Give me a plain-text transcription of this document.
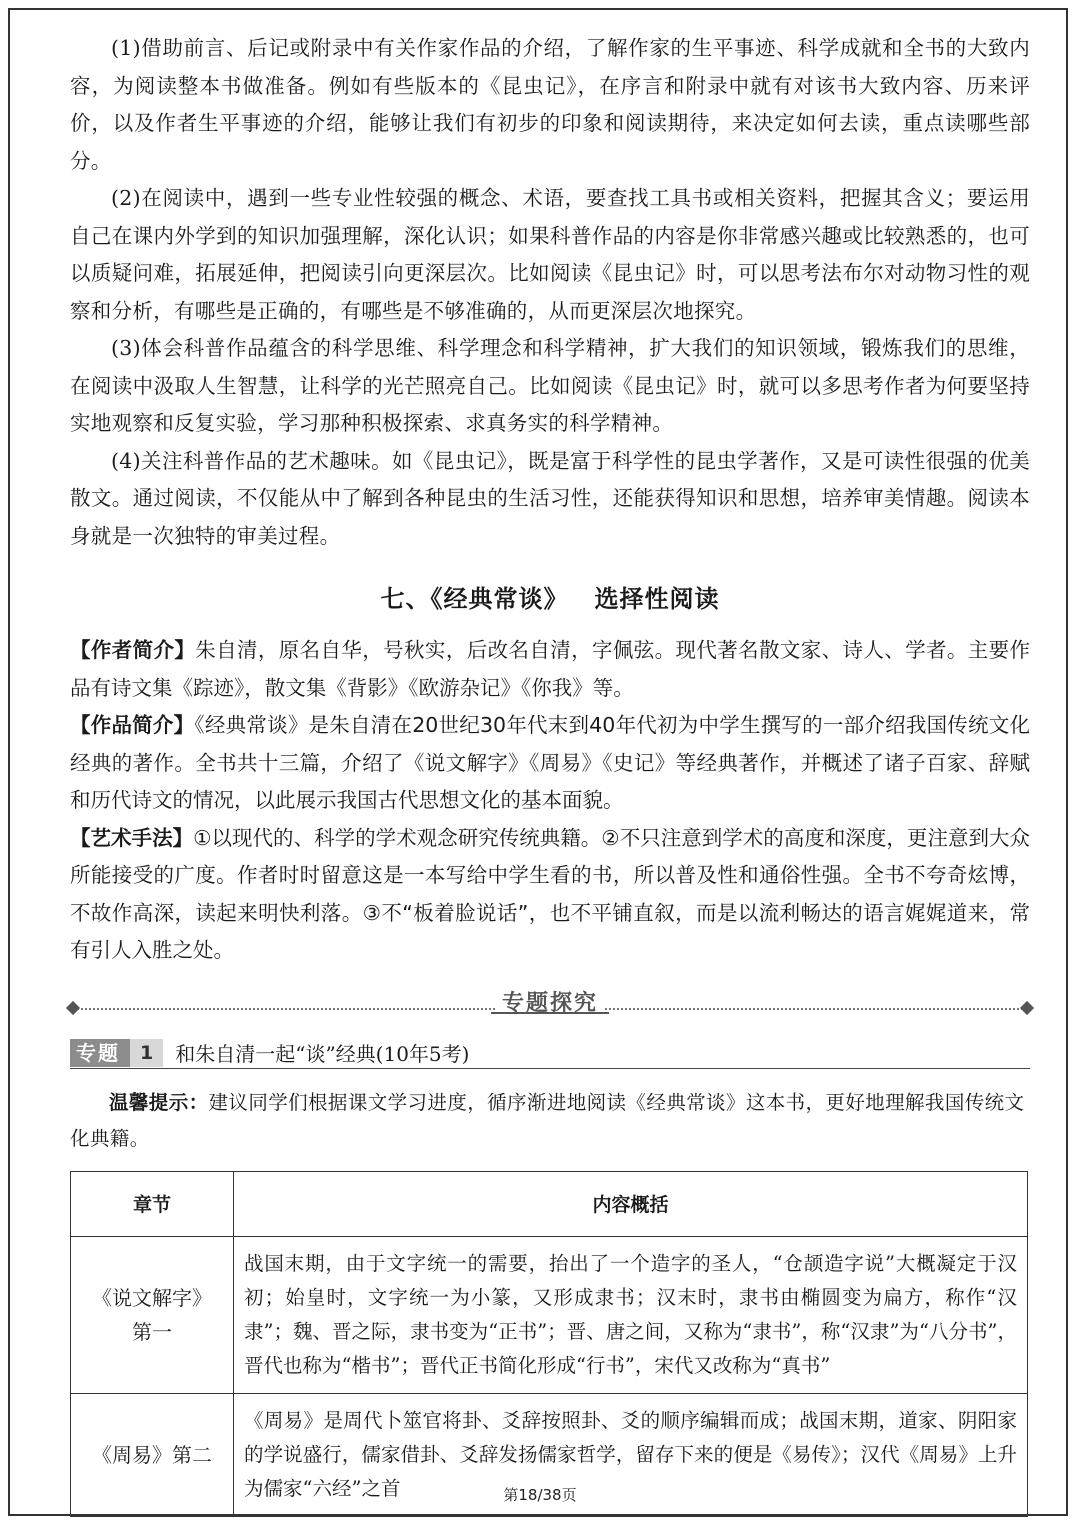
(1)借助前言、后记或附录中有关作家作品的介绍，了解作家的生平事迹、科学成就和全书的大致内容，为阅读整本书做准备。例如有些版本的《昆虫记》，在序言和附录中就有对该书大致内容、历来评价，以及作者生平事迹的介绍，能够让我们有初步的印象和阅读期待，来决定如何去读，重点读哪些部分。

(2)在阅读中，遇到一些专业性较强的概念、术语，要查找工具书或相关资料，把握其含义；要运用自己在课内外学到的知识加强理解，深化认识；如果科普作品的内容是你非常感兴趣或比较熟悉的，也可以质疑问难，拓展延伸，把阅读引向更深层次。比如阅读《昆虫记》时，可以思考法布尔对动物习性的观察和分析，有哪些是正确的，有哪些是不够准确的，从而更深层次地探究。

(3)体会科普作品蕴含的科学思维、科学理念和科学精神，扩大我们的知识领域，锻炼我们的思维，在阅读中汲取人生智慧，让科学的光芒照亮自己。比如阅读《昆虫记》时，就可以多思考作者为何要坚持实地观察和反复实验，学习那种积极探索、求真务实的科学精神。

(4)关注科普作品的艺术趣味。如《昆虫记》，既是富于科学性的昆虫学著作，又是可读性很强的优美散文。通过阅读，不仅能从中了解到各种昆虫的生活习性，还能获得知识和思想，培养审美情趣。阅读本身就是一次独特的审美过程。

七、《经典常谈》 选择性阅读

【作者简介】朱自清，原名自华，号秋实，后改名自清，字佩弦。现代著名散文家、诗人、学者。主要作品有诗文集《踪迹》，散文集《背影》《欧游杂记》《你我》等。

【作品简介】《经典常谈》是朱自清在20世纪30年代末到40年代初为中学生撰写的一部介绍我国传统文化经典的著作。全书共十三篇，介绍了《说文解字》《周易》《史记》等经典著作，并概述了诸子百家、辞赋和历代诗文的情况，以此展示我国古代思想文化的基本面貌。

【艺术手法】①以现代的、科学的学术观念研究传统典籍。②不只注意到学术的高度和深度，更注意到大众所能接受的广度。作者时时留意这是一本写给中学生看的书，所以普及性和通俗性强。全书不夸奇炫博，不故作高深，读起来明快利落。③不“板着脸说话”，也不平铺直叙，而是以流利畅达的语言娓娓道来，常有引人入胜之处。

专题探究
专题	1	和朱自清一起“谈”经典(10年5考)

温馨提示：建议同学们根据课文学习进度，循序渐进地阅读《经典常谈》这本书，更好地理解我国传统文化典籍。

章节	内容概括

《说文解字》
第一	战国末期，由于文字统一的需要，抬出了一个造字的圣人，“仓颉造字说”大概凝定于汉初；始皇时，文字统一为小篆，又形成隶书；汉末时，隶书由椭圆变为扁方，称作“汉隶”；魏、晋之际，隶书变为“正书”；晋、唐之间，又称为“隶书”，称“汉隶”为“八分书”，晋代也称为“楷书”；晋代正书简化形成“行书”，宋代又改称为“真书”

《周易》第二	《周易》是周代卜筮官将卦、爻辞按照卦、爻的顺序编辑而成；战国末期，道家、阴阳家的学说盛行，儒家借卦、爻辞发扬儒家哲学，留存下来的便是《易传》；汉代《周易》上升为儒家“六经”之首	第18/38页
